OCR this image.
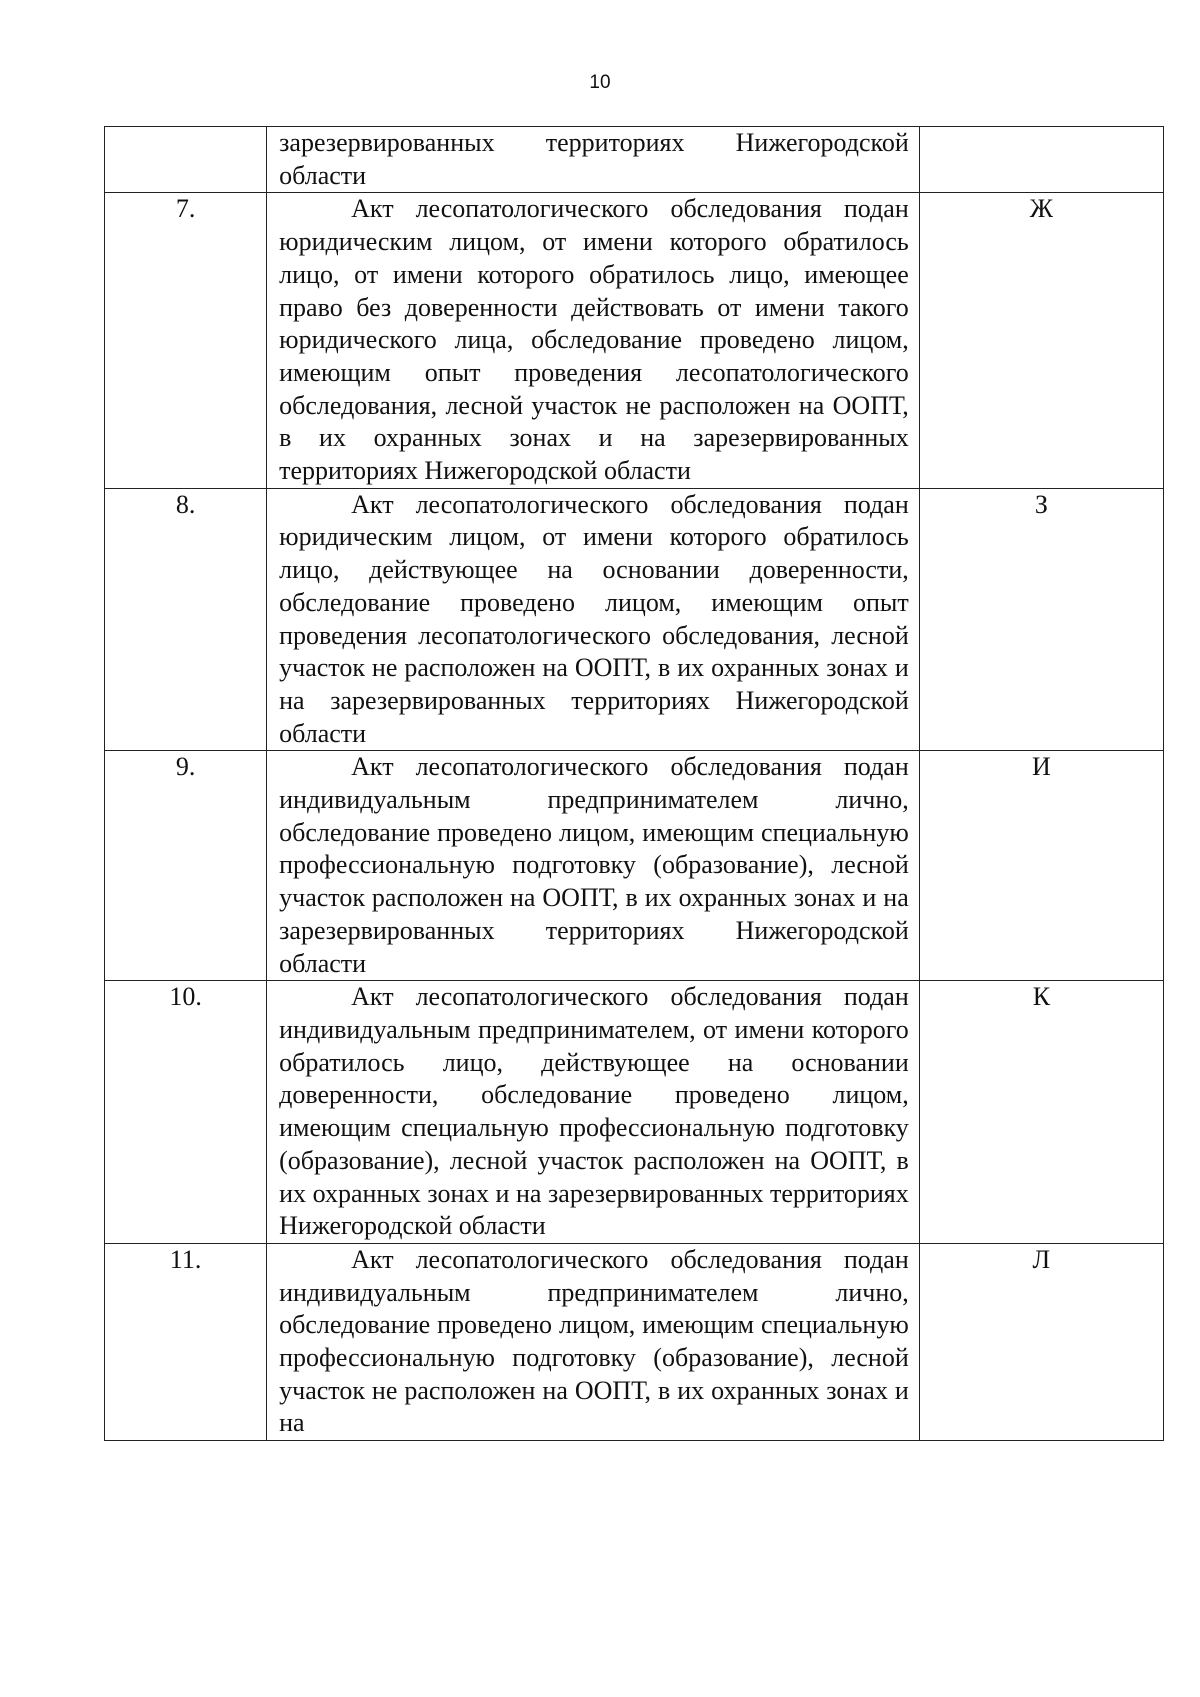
10

	зарезервированных территориях Нижегородской области	

7.	Акт лесопатологического обследования подан юридическим лицом, от имени которого обратилось лицо, от имени которого обратилось лицо, имеющее право без доверенности действовать от имени такого юридического лица, обследование проведено лицом, имеющим опыт проведения лесопатологического обследования, лесной участок не расположен на ООПТ, в их охранных зонах и на зарезервированных территориях Нижегородской области	Ж
8.	Акт лесопатологического обследования подан юридическим лицом, от имени которого обратилось лицо, действующее на основании доверенности, обследование проведено лицом, имеющим опыт проведения лесопатологического обследования, лесной участок не расположен на ООПТ, в их охранных зонах и на зарезервированных территориях Нижегородской области	З
9.	Акт лесопатологического обследования подан индивидуальным предпринимателем лично, обследование проведено лицом, имеющим специальную профессиональную подготовку (образование), лесной участок расположен на ООПТ, в их охранных зонах и на зарезервированных территориях Нижегородской области	И
10.	Акт лесопатологического обследования подан индивидуальным предпринимателем, от имени которого обратилось лицо, действующее на основании доверенности, обследование проведено лицом, имеющим специальную профессиональную подготовку (образование), лесной участок расположен на ООПТ, в их охранных зонах и на зарезервированных территориях Нижегородской области	К
11.	Акт лесопатологического обследования подан индивидуальным предпринимателем лично, обследование проведено лицом, имеющим специальную профессиональную подготовку (образование), лесной участок не расположен на ООПТ, в их охранных зонах и на	Л
